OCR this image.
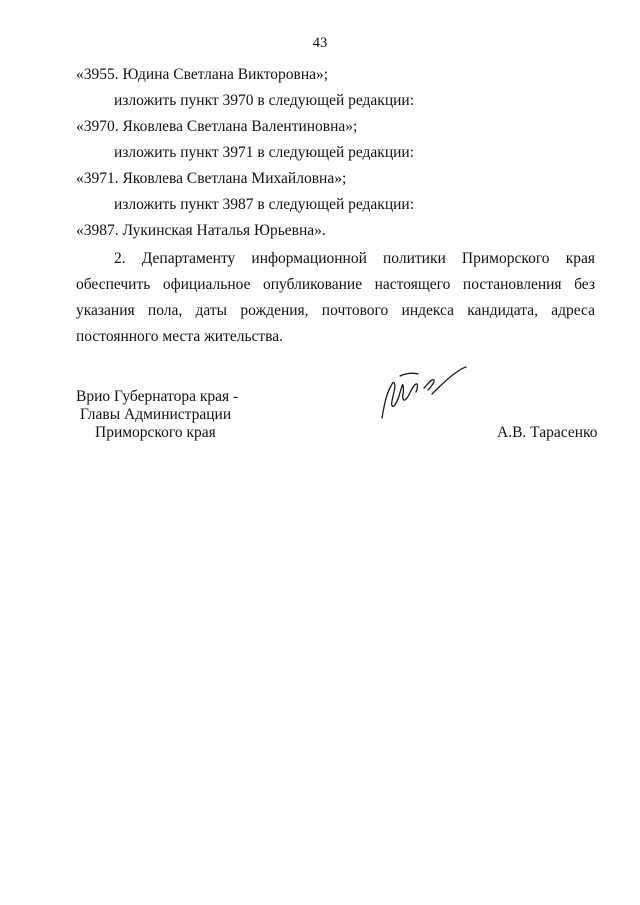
43
«3955. Юдина Светлана Викторовна»;
изложить пункт 3970 в следующей редакции:
«3970. Яковлева Светлана Валентиновна»;
изложить пункт 3971 в следующей редакции:
«3971. Яковлева Светлана Михайловна»;
изложить пункт 3987 в следующей редакции:
«3987. Лукинская Наталья Юрьевна».
2. Департаменту информационной политики Приморского края
обеспечить официальное опубликование настоящего постановления без
указания пола, даты рождения, почтового индекса кандидата, адреса
постоянного места жительства.
Врио Губернатора края -
Главы Администрации
Приморского края	А.В. Тарасенко
